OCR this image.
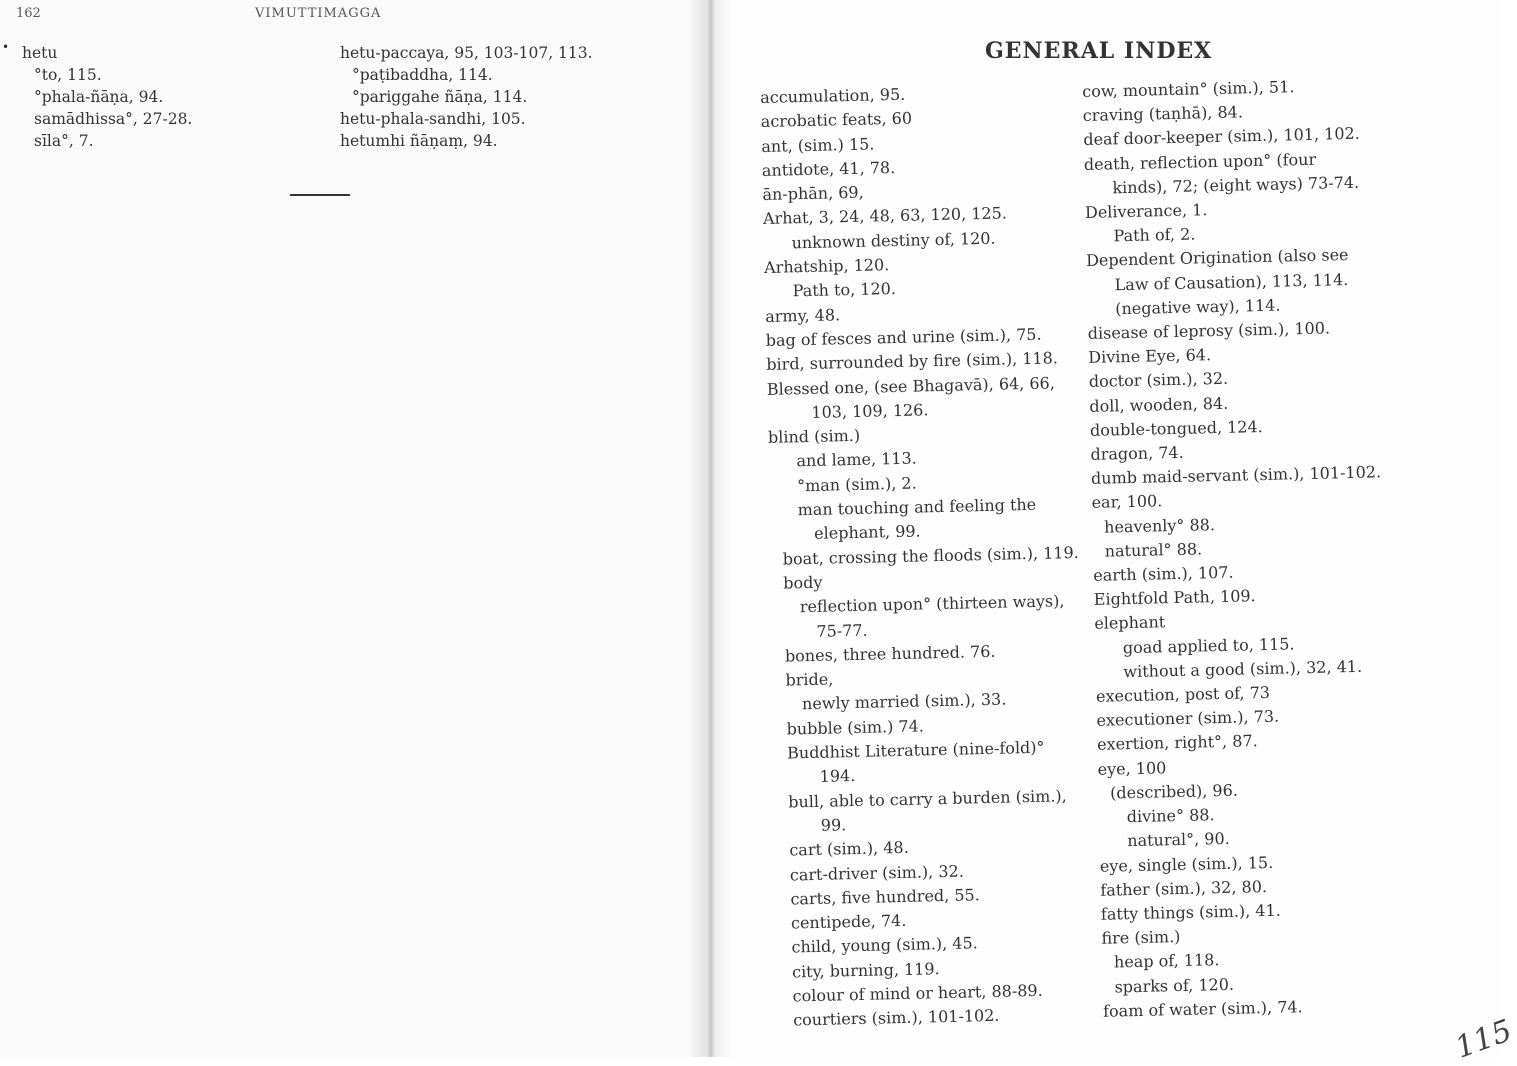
•
162	VIMUTTIMAGGA
hetu
°to, 115.
°phala-ñāṇa, 94.
samādhissa°, 27-28.
sīla°, 7.
hetu-paccaya, 95, 103-107, 113.
°paṭibaddha, 114.
°pariggahe ñāṇa, 114.
hetu-phala-sandhi, 105.
hetumhi ñāṇaṃ, 94.
GENERAL INDEX
accumulation, 95.
acrobatic feats, 60
ant, (sim.) 15.
antidote, 41, 78.
ān-phān, 69,
Arhat, 3, 24, 48, 63, 120, 125.
unknown destiny of, 120.
Arhatship, 120.
Path to, 120.
army, 48.
bag of fesces and urine (sim.), 75.
bird, surrounded by fire (sim.), 118.
Blessed one, (see Bhagavā), 64, 66,
103, 109, 126.
blind (sim.)
and lame, 113.
°man (sim.), 2.
man touching and feeling the
elephant, 99.
boat, crossing the floods (sim.), 119.
body
reflection upon° (thirteen ways),
75-77.
bones, three hundred. 76.
bride,
newly married (sim.), 33.
bubble (sim.) 74.
Buddhist Literature (nine-fold)°
194.
bull, able to carry a burden (sim.),
99.
cart (sim.), 48.
cart-driver (sim.), 32.
carts, five hundred, 55.
centipede, 74.
child, young (sim.), 45.
city, burning, 119.
colour of mind or heart, 88-89.
courtiers (sim.), 101-102.
cow, mountain° (sim.), 51.
craving (taṇhā), 84.
deaf door-keeper (sim.), 101, 102.
death, reflection upon° (four
kinds), 72; (eight ways) 73-74.
Deliverance, 1.
Path of, 2.
Dependent Origination (also see
Law of Causation), 113, 114.
(negative way), 114.
disease of leprosy (sim.), 100.
Divine Eye, 64.
doctor (sim.), 32.
doll, wooden, 84.
double-tongued, 124.
dragon, 74.
dumb maid-servant (sim.), 101-102.
ear, 100.
heavenly° 88.
natural° 88.
earth (sim.), 107.
Eightfold Path, 109.
elephant
goad applied to, 115.
without a good (sim.), 32, 41.
execution, post of, 73
executioner (sim.), 73.
exertion, right°, 87.
eye, 100
(described), 96.
divine° 88.
natural°, 90.
eye, single (sim.), 15.
father (sim.), 32, 80.
fatty things (sim.), 41.
fire (sim.)
heap of, 118.
sparks of, 120.
foam of water (sim.), 74.
115
